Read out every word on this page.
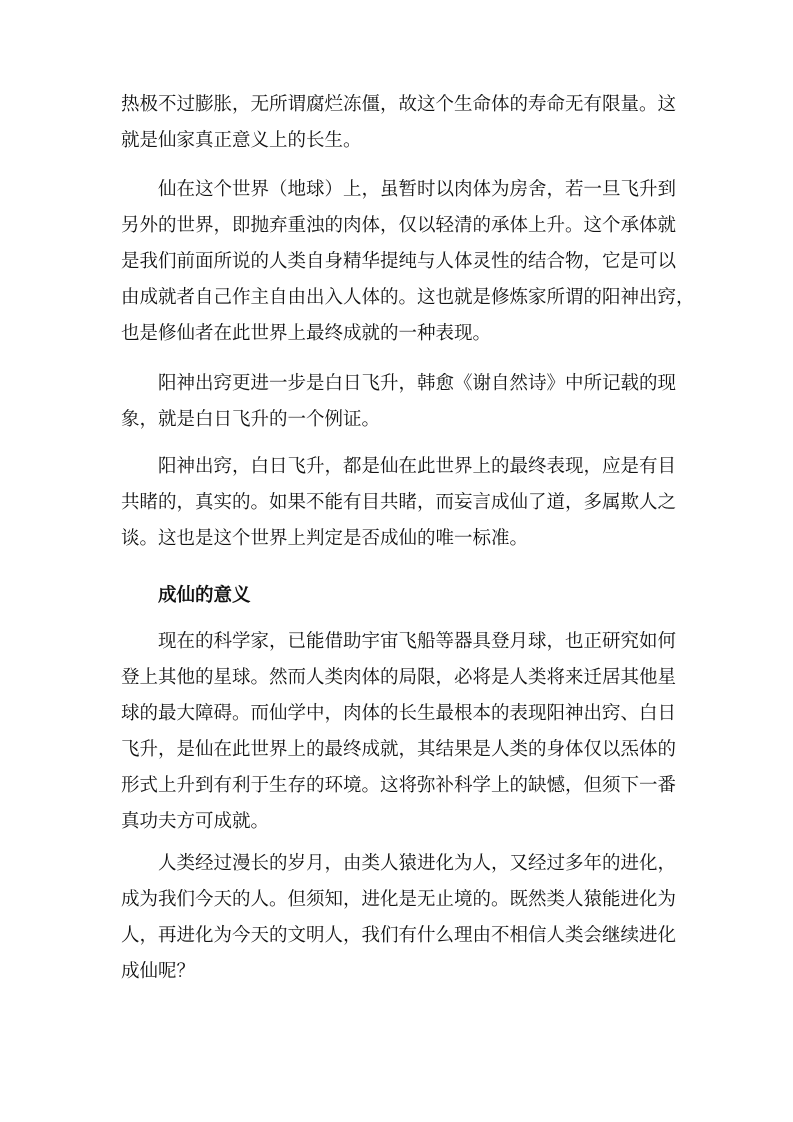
热极不过膨胀，无所谓腐烂冻僵，故这个生命体的寿命无有限量。这
就是仙家真正意义上的长生。

仙在这个世界（地球）上，虽暂时以肉体为房舍，若一旦飞升到
另外的世界，即抛弃重浊的肉体，仅以轻清的承体上升。这个承体就
是我们前面所说的人类自身精华提纯与人体灵性的结合物，它是可以
由成就者自己作主自由出入人体的。这也就是修炼家所谓的阳神出窍，
也是修仙者在此世界上最终成就的一种表现。

阳神出窍更进一步是白日飞升，韩愈《谢自然诗》中所记载的现
象，就是白日飞升的一个例证。

阳神出窍，白日飞升，都是仙在此世界上的最终表现，应是有目
共睹的，真实的。如果不能有目共睹，而妄言成仙了道，多属欺人之
谈。这也是这个世界上判定是否成仙的唯一标准。

成仙的意义

现在的科学家，已能借助宇宙飞船等器具登月球，也正研究如何
登上其他的星球。然而人类肉体的局限，必将是人类将来迁居其他星
球的最大障碍。而仙学中，肉体的长生最根本的表现阳神出窍、白日
飞升，是仙在此世界上的最终成就，其结果是人类的身体仅以炁体的
形式上升到有利于生存的环境。这将弥补科学上的缺憾，但须下一番
真功夫方可成就。

人类经过漫长的岁月，由类人猿进化为人，又经过多年的进化，
成为我们今天的人。但须知，进化是无止境的。既然类人猿能进化为
人，再进化为今天的文明人，我们有什么理由不相信人类会继续进化
成仙呢？
